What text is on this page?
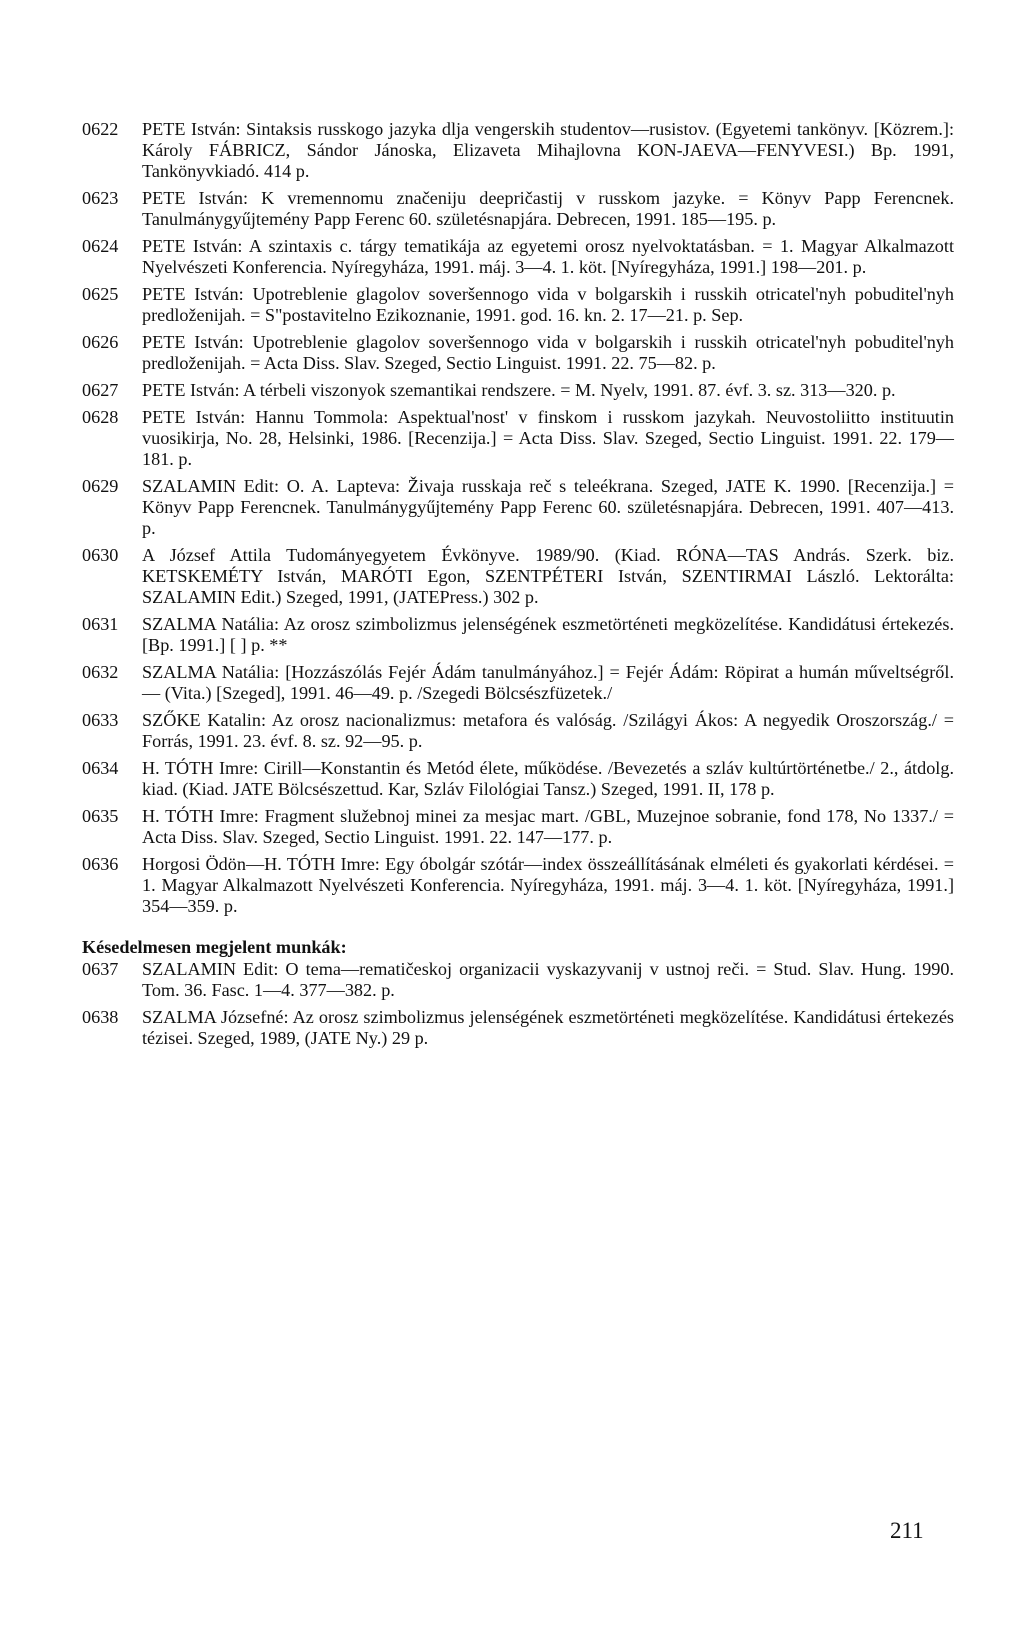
0622	PETE István: Sintaksis russkogo jazyka dlja vengerskih studentov—rusistov. (Egyetemi tankönyv. [Közrem.]: Károly FÁBRICZ, Sándor Jánoska, Elizaveta Mihajlovna KON-JAEVA—FENYVESI.) Bp. 1991, Tankönyvkiadó. 414 p.
0623	PETE István: K vremennomu značeniju deepričastij v russkom jazyke. = Könyv Papp Ferencnek. Tanulmánygyűjtemény Papp Ferenc 60. születésnapjára. Debrecen, 1991. 185—195. p.
0624	PETE István: A szintaxis c. tárgy tematikája az egyetemi orosz nyelvoktatásban. = 1. Magyar Alkalmazott Nyelvészeti Konferencia. Nyíregyháza, 1991. máj. 3—4. 1. köt. [Nyíregyháza, 1991.] 198—201. p.
0625	PETE István: Upotreblenie glagolov soveršennogo vida v bolgarskih i russkih otricatel'nyh pobuditel'nyh predloženijah. = S"postavitelno Ezikoznanie, 1991. god. 16. kn. 2. 17—21. p. Sep.
0626	PETE István: Upotreblenie glagolov soveršennogo vida v bolgarskih i russkih otricatel'nyh pobuditel'nyh predloženijah. = Acta Diss. Slav. Szeged, Sectio Linguist. 1991. 22. 75—82. p.
0627	PETE István: A térbeli viszonyok szemantikai rendszere. = M. Nyelv, 1991. 87. évf. 3. sz. 313—320. p.
0628	PETE István: Hannu Tommola: Aspektual'nost' v finskom i russkom jazykah. Neuvostoliitto instituutin vuosikirja, No. 28, Helsinki, 1986. [Recenzija.] = Acta Diss. Slav. Szeged, Sectio Linguist. 1991. 22. 179—181. p.
0629	SZALAMIN Edit: O. A. Lapteva: Živaja russkaja reč s teleékrana. Szeged, JATE K. 1990. [Recenzija.] = Könyv Papp Ferencnek. Tanulmánygyűjtemény Papp Ferenc 60. születésnapjára. Debrecen, 1991. 407—413. p.
0630	A József Attila Tudományegyetem Évkönyve. 1989/90. (Kiad. RÓNA—TAS András. Szerk. biz. KETSKEMÉTY István, MARÓTI Egon, SZENTPÉTERI István, SZENTIRMAI László. Lektorálta: SZALAMIN Edit.) Szeged, 1991, (JATEPress.) 302 p.
0631	SZALMA Natália: Az orosz szimbolizmus jelenségének eszmetörténeti megközelítése. Kandidátusi értekezés. [Bp. 1991.] [ ] p. **
0632	SZALMA Natália: [Hozzászólás Fejér Ádám tanulmányához.] = Fejér Ádám: Röpirat a humán műveltségről. — (Vita.) [Szeged], 1991. 46—49. p. /Szegedi Bölcsészfüzetek./
0633	SZŐKE Katalin: Az orosz nacionalizmus: metafora és valóság. /Szilágyi Ákos: A negyedik Oroszország./ = Forrás, 1991. 23. évf. 8. sz. 92—95. p.
0634	H. TÓTH Imre: Cirill—Konstantin és Metód élete, működése. /Bevezetés a szláv kultúrtörténetbe./ 2., átdolg. kiad. (Kiad. JATE Bölcsészettud. Kar, Szláv Filológiai Tansz.) Szeged, 1991. II, 178 p.
0635	H. TÓTH Imre: Fragment služebnoj minei za mesjac mart. /GBL, Muzejnoe sobranie, fond 178, No 1337./ = Acta Diss. Slav. Szeged, Sectio Linguist. 1991. 22. 147—177. p.
0636	Horgosi Ödön—H. TÓTH Imre: Egy óbolgár szótár—index összeállításának elméleti és gyakorlati kérdései. = 1. Magyar Alkalmazott Nyelvészeti Konferencia. Nyíregyháza, 1991. máj. 3—4. 1. köt. [Nyíregyháza, 1991.] 354—359. p.
Késedelmesen megjelent munkák:
0637	SZALAMIN Edit: O tema—rematičeskoj organizacii vyskazyvanij v ustnoj reči. = Stud. Slav. Hung. 1990. Tom. 36. Fasc. 1—4. 377—382. p.
0638	SZALMA Józsefné: Az orosz szimbolizmus jelenségének eszmetörténeti megközelítése. Kandidátusi értekezés tézisei. Szeged, 1989, (JATE Ny.) 29 p.
211
